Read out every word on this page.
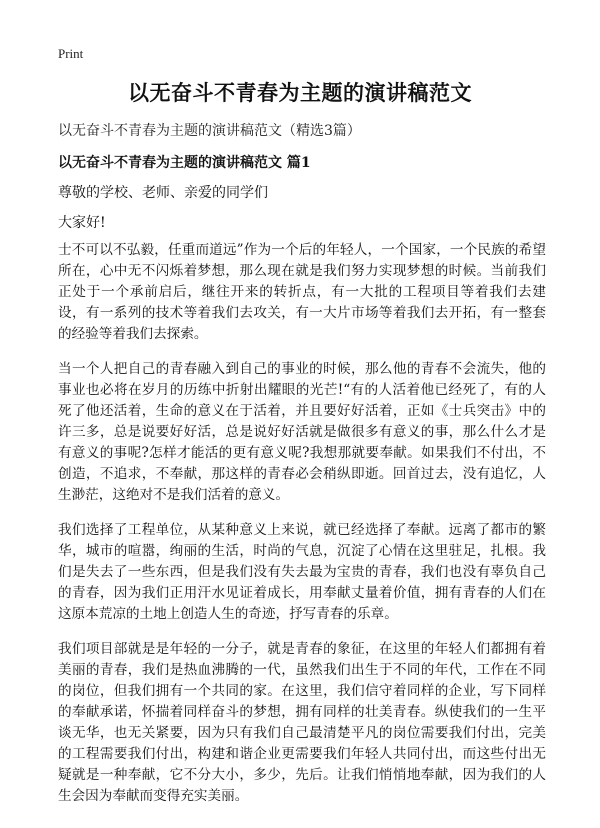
Print
以无奋斗不青春为主题的演讲稿范文
以无奋斗不青春为主题的演讲稿范文（精选3篇）
以无奋斗不青春为主题的演讲稿范文 篇1
尊敬的学校、老师、亲爱的同学们
大家好!

士不可以不弘毅，任重而道远”作为一个后的年轻人，一个国家，一个民族的希望所在，心中无不闪烁着梦想，那么现在就是我们努力实现梦想的时候。当前我们正处于一个承前启后，继往开来的转折点，有一大批的工程项目等着我们去建设，有一系列的技术等着我们去攻关，有一大片市场等着我们去开拓，有一整套的经验等着我们去探索。

当一个人把自己的青春融入到自己的事业的时候，那么他的青春不会流失，他的事业也必将在岁月的历练中折射出耀眼的光芒!“有的人活着他已经死了，有的人死了他还活着，生命的意义在于活着，并且要好好活着，正如《士兵突击》中的许三多，总是说要好好活，总是说好好活就是做很多有意义的事，那么什么才是有意义的事呢?怎样才能活的更有意义呢?我想那就要奉献。如果我们不付出，不创造，不追求，不奉献，那这样的青春必会稍纵即逝。回首过去，没有追忆，人生渺茫，这绝对不是我们活着的意义。

我们选择了工程单位，从某种意义上来说，就已经选择了奉献。远离了都市的繁华，城市的喧嚣，绚丽的生活，时尚的气息，沉淀了心情在这里驻足，扎根。我们是失去了一些东西，但是我们没有失去最为宝贵的青春，我们也没有辜负自己的青春，因为我们正用汗水见证着成长，用奉献丈量着价值，拥有青春的人们在这原本荒凉的土地上创造人生的奇迹，抒写青春的乐章。

我们项目部就是是年轻的一分子，就是青春的象征，在这里的年轻人们都拥有着美丽的青春，我们是热血沸腾的一代，虽然我们出生于不同的年代，工作在不同的岗位，但我们拥有一个共同的家。在这里，我们信守着同样的企业，写下同样的奉献承诺，怀揣着同样奋斗的梦想，拥有同样的壮美青春。纵使我们的一生平谈无华，也无关紧要，因为只有我们自己最清楚平凡的岗位需要我们付出，完美的工程需要我们付出，构建和谐企业更需要我们年轻人共同付出，而这些付出无疑就是一种奉献，它不分大小，多少，先后。让我们悄悄地奉献，因为我们的人生会因为奉献而变得充实美丽。
